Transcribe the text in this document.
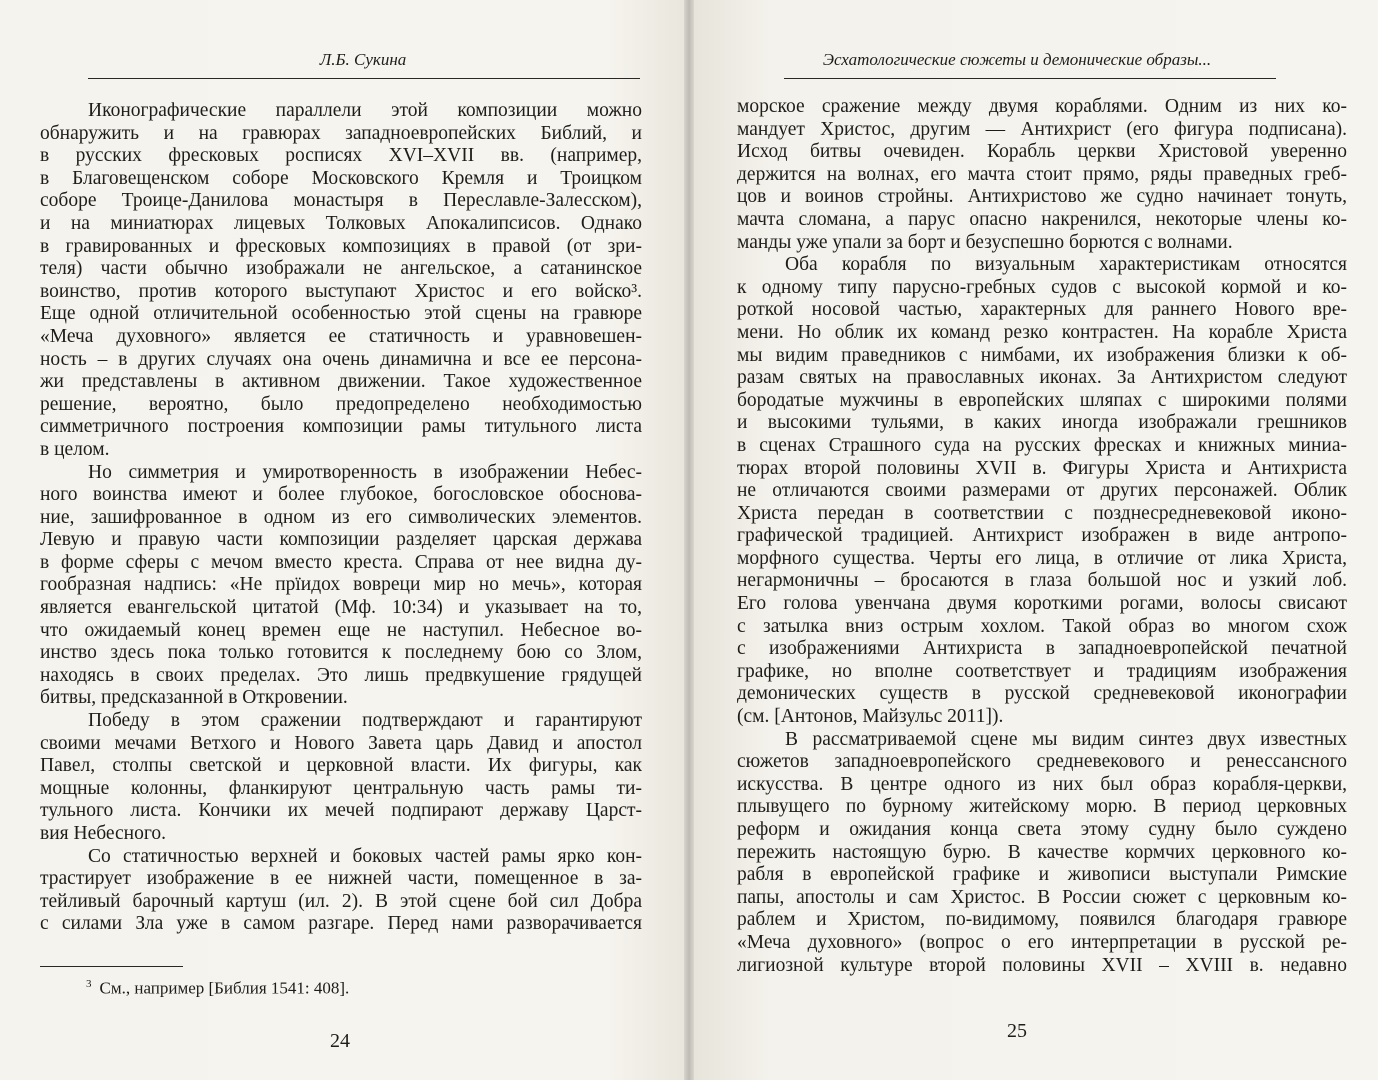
Л.Б. Сукина
Иконографические параллели этой композиции можно
обнаружить и на гравюрах западноевропейских Библий, и
в русских фресковых росписях XVI–XVII вв. (например,
в Благовещенском соборе Московского Кремля и Троицком
соборе Троице-Данилова монастыря в Переславле-Залесском),
и на миниатюрах лицевых Толковых Апокалипсисов. Однако
в гравированных и фресковых композициях в правой (от зри-
теля) части обычно изображали не ангельское, а сатанинское
воинство, против которого выступают Христос и его войско³.
Еще одной отличительной особенностью этой сцены на гравюре
«Меча духовного» является ее статичность и уравновешен-
ность – в других случаях она очень динамична и все ее персона-
жи представлены в активном движении. Такое художественное
решение, вероятно, было предопределено необходимостью
симметричного построения композиции рамы титульного листа
в целом.
Но симметрия и умиротворенность в изображении Небес-
ного воинства имеют и более глубокое, богословское обоснова-
ние, зашифрованное в одном из его символических элементов.
Левую и правую части композиции разделяет царская держава
в форме сферы с мечом вместо креста. Справа от нее видна ду-
гообразная надпись: «Не прїидох вовреци мир но мечь», которая
является евангельской цитатой (Мф. 10:34) и указывает на то,
что ожидаемый конец времен еще не наступил. Небесное во-
инство здесь пока только готовится к последнему бою со Злом,
находясь в своих пределах. Это лишь предвкушение грядущей
битвы, предсказанной в Откровении.
Победу в этом сражении подтверждают и гарантируют
своими мечами Ветхого и Нового Завета царь Давид и апостол
Павел, столпы светской и церковной власти. Их фигуры, как
мощные колонны, фланкируют центральную часть рамы ти-
тульного листа. Кончики их мечей подпирают державу Царст-
вия Небесного.
Со статичностью верхней и боковых частей рамы ярко кон-
трастирует изображение в ее нижней части, помещенное в за-
тейливый барочный картуш (ил. 2). В этой сцене бой сил Добра
с силами Зла уже в самом разгаре. Перед нами разворачивается
$^3$ См., например [Библия 1541: 408].
24
Эсхатологические сюжеты и демонические образы...
морское сражение между двумя кораблями. Одним из них ко-
мандует Христос, другим — Антихрист (его фигура подписана).
Исход битвы очевиден. Корабль церкви Христовой уверенно
держится на волнах, его мачта стоит прямо, ряды праведных греб-
цов и воинов стройны. Антихристово же судно начинает тонуть,
мачта сломана, а парус опасно накренился, некоторые члены ко-
манды уже упали за борт и безуспешно борются с волнами.
Оба корабля по визуальным характеристикам относятся
к одному типу парусно-гребных судов с высокой кормой и ко-
роткой носовой частью, характерных для раннего Нового вре-
мени. Но облик их команд резко контрастен. На корабле Христа
мы видим праведников с нимбами, их изображения близки к об-
разам святых на православных иконах. За Антихристом следуют
бородатые мужчины в европейских шляпах с широкими полями
и высокими тульями, в каких иногда изображали грешников
в сценах Страшного суда на русских фресках и книжных миниа-
тюрах второй половины XVII в. Фигуры Христа и Антихриста
не отличаются своими размерами от других персонажей. Облик
Христа передан в соответствии с позднесредневековой иконо-
графической традицией. Антихрист изображен в виде антропо-
морфного существа. Черты его лица, в отличие от лика Христа,
негармоничны – бросаются в глаза большой нос и узкий лоб.
Его голова увенчана двумя короткими рогами, волосы свисают
с затылка вниз острым хохлом. Такой образ во многом схож
с изображениями Антихриста в западноевропейской печатной
графике, но вполне соответствует и традициям изображения
демонических существ в русской средневековой иконографии
(см. [Антонов, Майзульс 2011]).
В рассматриваемой сцене мы видим синтез двух известных
сюжетов западноевропейского средневекового и ренессансного
искусства. В центре одного из них был образ корабля-церкви,
плывущего по бурному житейскому морю. В период церковных
реформ и ожидания конца света этому судну было суждено
пережить настоящую бурю. В качестве кормчих церковного ко-
рабля в европейской графике и живописи выступали Римские
папы, апостолы и сам Христос. В России сюжет с церковным ко-
раблем и Христом, по-видимому, появился благодаря гравюре
«Меча духовного» (вопрос о его интерпретации в русской ре-
лигиозной культуре второй половины XVII – XVIII в. недавно
25
